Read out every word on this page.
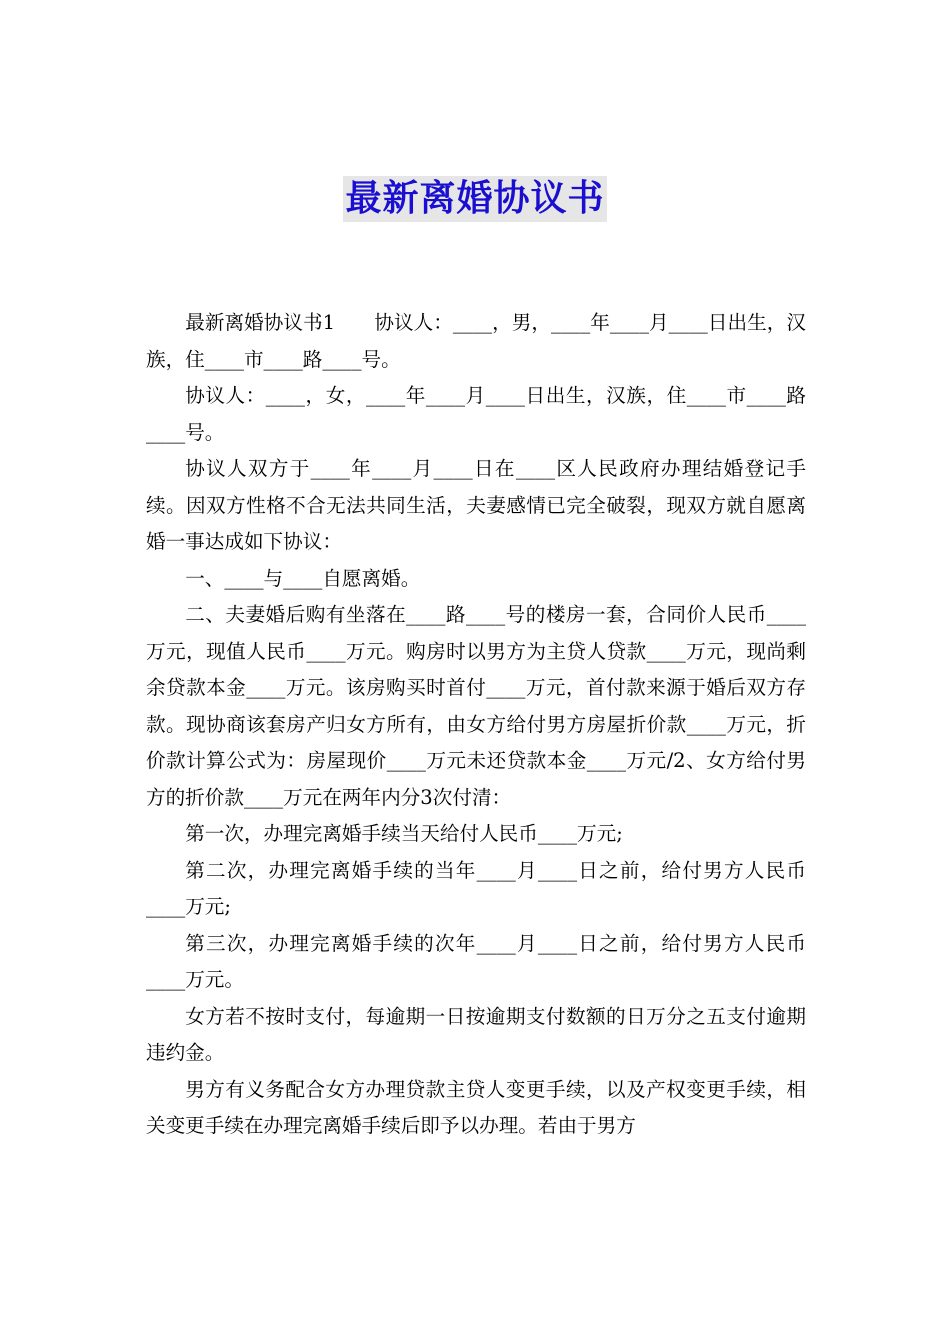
最新离婚协议书

最新离婚协议书1　　协议人：____，男，____年____月____日出生，汉族，住____市____路____号。

协议人：____，女，____年____月____日出生，汉族，住____市____路____号。

协议人双方于____年____月____日在____区人民政府办理结婚登记手续。因双方性格不合无法共同生活，夫妻感情已完全破裂，现双方就自愿离婚一事达成如下协议：

一、____与____自愿离婚。

二、夫妻婚后购有坐落在____路____号的楼房一套，合同价人民币____万元，现值人民币____万元。购房时以男方为主贷人贷款____万元，现尚剩余贷款本金____万元。该房购买时首付____万元，首付款来源于婚后双方存款。现协商该套房产归女方所有，由女方给付男方房屋折价款____万元，折价款计算公式为：房屋现价____万元未还贷款本金____万元/2、女方给付男方的折价款____万元在两年内分3次付清：

第一次，办理完离婚手续当天给付人民币____万元;

第二次，办理完离婚手续的当年____月____日之前，给付男方人民币____万元;

第三次，办理完离婚手续的次年____月____日之前，给付男方人民币____万元。

女方若不按时支付，每逾期一日按逾期支付数额的日万分之五支付逾期违约金。

男方有义务配合女方办理贷款主贷人变更手续，以及产权变更手续，相关变更手续在办理完离婚手续后即予以办理。若由于男方
